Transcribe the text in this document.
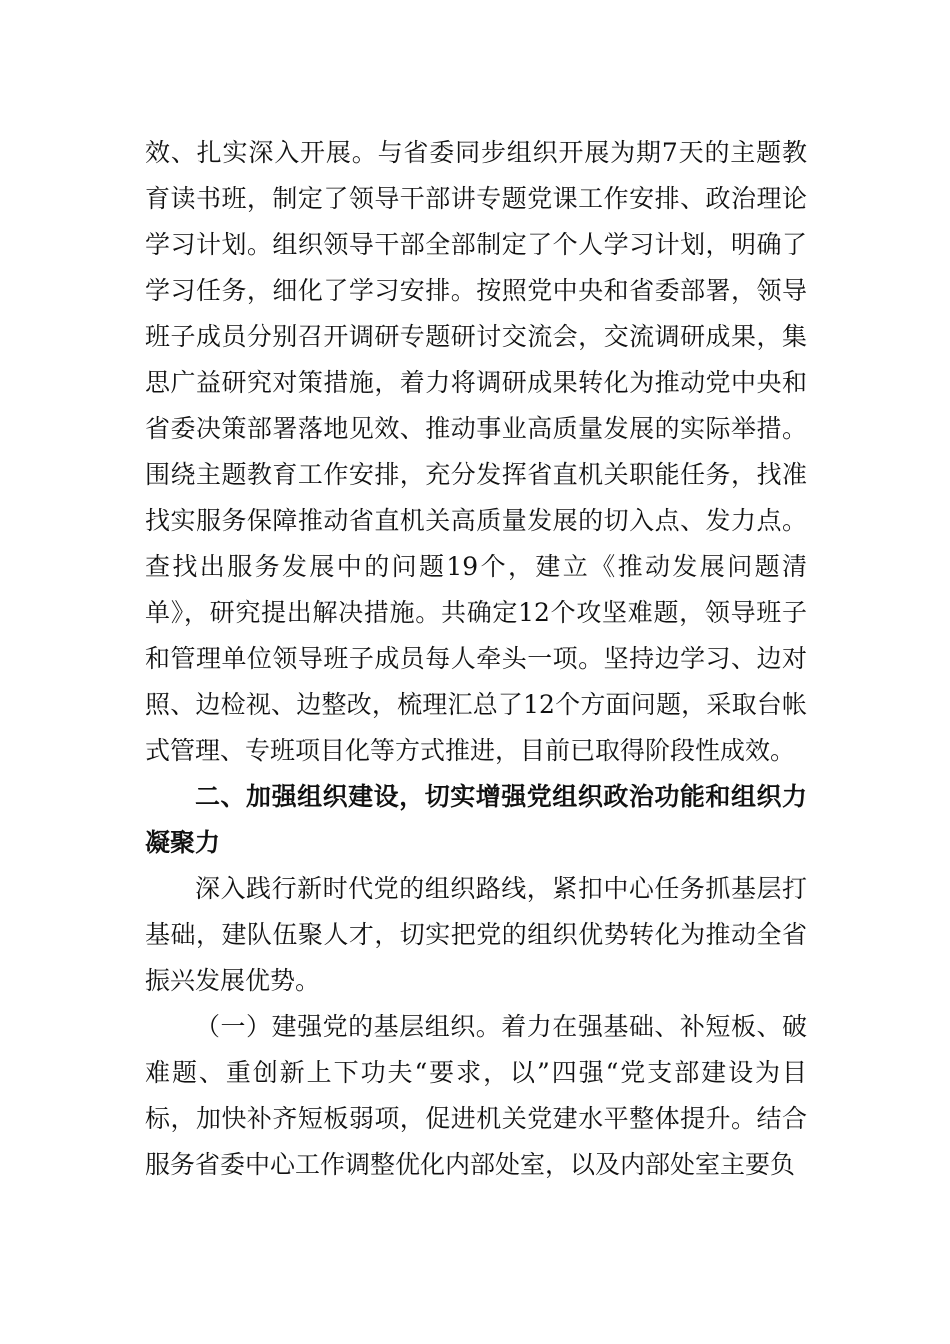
效、扎实深入开展。与省委同步组织开展为期7天的主题教育读书班，制定了领导干部讲专题党课工作安排、政治理论学习计划。组织领导干部全部制定了个人学习计划，明确了学习任务，细化了学习安排。按照党中央和省委部署，领导班子成员分别召开调研专题研讨交流会，交流调研成果，集思广益研究对策措施，着力将调研成果转化为推动党中央和省委决策部署落地见效、推动事业高质量发展的实际举措。围绕主题教育工作安排，充分发挥省直机关职能任务，找准找实服务保障推动省直机关高质量发展的切入点、发力点。查找出服务发展中的问题19个，建立《推动发展问题清单》，研究提出解决措施。共确定12个攻坚难题，领导班子和管理单位领导班子成员每人牵头一项。坚持边学习、边对照、边检视、边整改，梳理汇总了12个方面问题，采取台帐式管理、专班项目化等方式推进，目前已取得阶段性成效。

二、加强组织建设，切实增强党组织政治功能和组织力凝聚力

深入践行新时代党的组织路线，紧扣中心任务抓基层打基础，建队伍聚人才，切实把党的组织优势转化为推动全省振兴发展优势。

（一）建强党的基层组织。着力在强基础、补短板、破难题、重创新上下功夫“要求，以”四强“党支部建设为目标，加快补齐短板弱项，促进机关党建水平整体提升。结合服务省委中心工作调整优化内部处室，以及内部处室主要负
